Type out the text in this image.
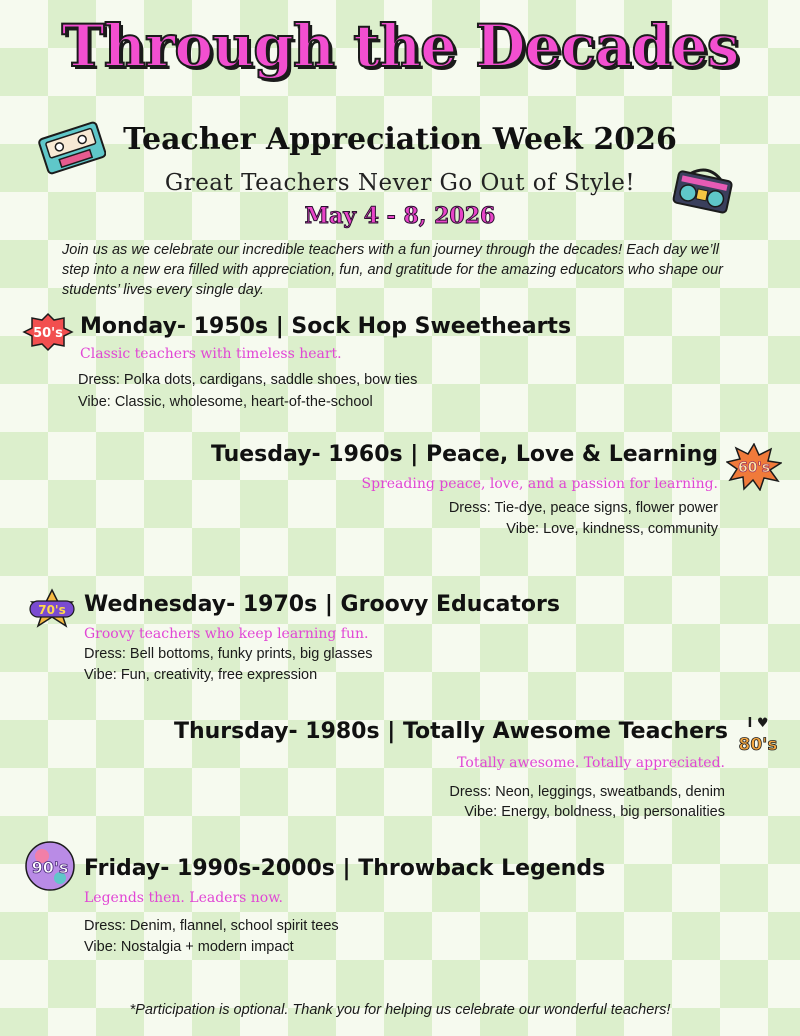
Through the Decades
Teacher Appreciation Week 2026
Great Teachers Never Go Out of Style!
May 4 - 8, 2026
Join us as we celebrate our incredible teachers with a fun journey through the decades! Each day we’ll step into a new era filled with appreciation, fun, and gratitude for the amazing educators who shape our students’ lives every single day.
50's Monday- 1950s | Sock Hop Sweethearts
Classic teachers with timeless heart.
Dress: Polka dots, cardigans, saddle shoes, bow ties
Vibe: Classic, wholesome, heart-of-the-school
Tuesday- 1960s | Peace, Love & Learning
60's
Spreading peace, love, and a passion for learning.
Dress: Tie-dye, peace signs, flower power
Vibe: Love, kindness, community
70's Wednesday- 1970s | Groovy Educators
Groovy teachers who keep learning fun.
Dress: Bell bottoms, funky prints, big glasses
Vibe: Fun, creativity, free expression
Thursday- 1980s | Totally Awesome Teachers I ♥
80's
Totally awesome. Totally appreciated.
Dress: Neon, leggings, sweatbands, denim
Vibe: Energy, boldness, big personalities
90's Friday- 1990s-2000s | Throwback Legends
Legends then. Leaders now.
Dress: Denim, flannel, school spirit tees
Vibe: Nostalgia + modern impact
*Participation is optional. Thank you for helping us celebrate our wonderful teachers!
